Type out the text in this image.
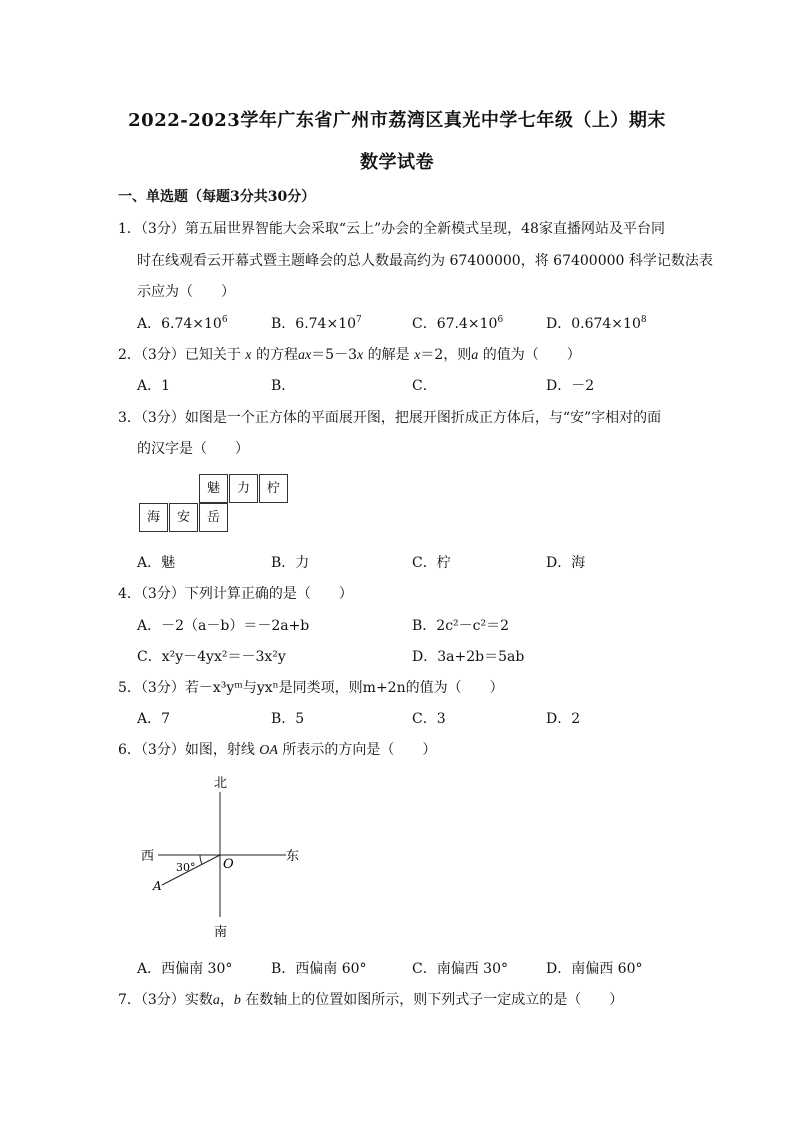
2022-2023学年广东省广州市荔湾区真光中学七年级（上）期末
数学试卷
一、单选题（每题3分共30分）
1．（3分）第五届世界智能大会采取“云上”办会的全新模式呈现，48家直播网站及平台同
时在线观看云开幕式暨主题峰会的总人数最高约为 67400000，将 67400000 科学记数法表
示应为（　　）
A．$6.74\times 10^6$	B．$6.74\times 10^7$	C．$67.4\times 10^6$	D．$0.674\times 10^8$
2．（3分）已知关于 x 的方程ax＝5－3x 的解是 x＝2，则a 的值为（　　）
A．1	B．	C．	D．－2
3．（3分）如图是一个正方体的平面展开图，把展开图折成正方体后，与“安”字相对的面
的汉字是（　　）
魅	力	柠
海	安	岳
A．魅	B．力	C．柠	D．海
4．（3分）下列计算正确的是（　　）
A．－2（a－b）＝－2a+b	B．2c²－c²＝2
C．x²y－4yx²＝－3x²y	D．3a+2b＝5ab
5．（3分）若－x³yᵐ与yxⁿ是同类项，则m+2n的值为（　　）
A．7	B．5	C．3	D．2
6．（3分）如图，射线 OA 所表示的方向是（　　）
北
南
东
西
O
A
30°
A．西偏南 30°	B．西偏南 60°	C．南偏西 30°	D．南偏西 60°
7．（3分）实数a，b 在数轴上的位置如图所示，则下列式子一定成立的是（　　）
